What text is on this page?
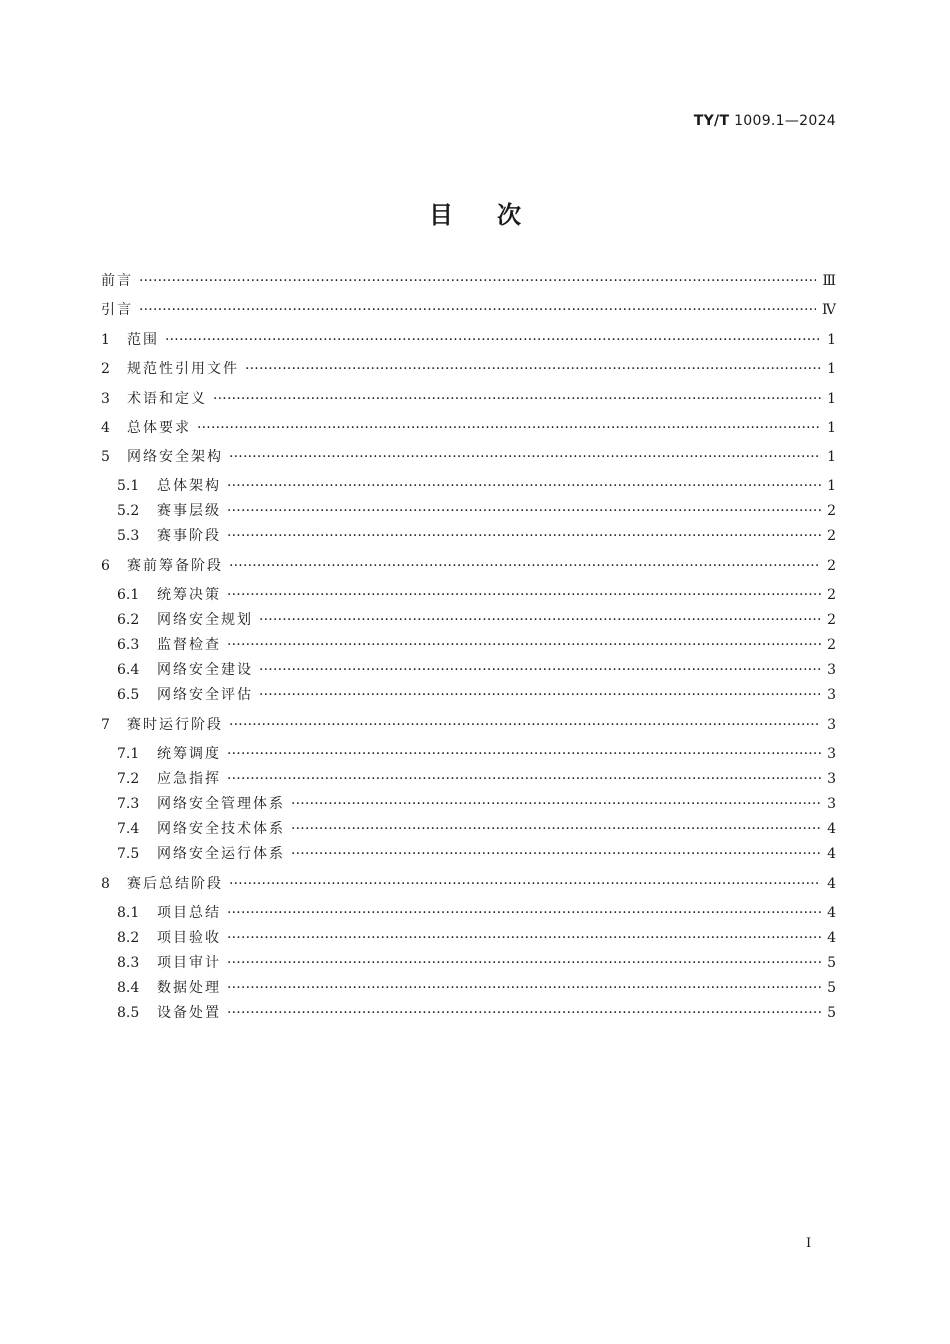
TY/T 1009.1—2024
目次
前言 ·····	Ⅲ
引言 ·····	Ⅳ
1	范围 ·····	1
2	规范性引用文件 ·····	1
3	术语和定义 ·····	1
4	总体要求 ·····	1
5	网络安全架构 ·····	1
5.1	总体架构 ·····	1
5.2	赛事层级 ·····	2
5.3	赛事阶段 ·····	2
6	赛前筹备阶段 ·····	2
6.1	统筹决策 ·····	2
6.2	网络安全规划 ·····	2
6.3	监督检查 ·····	2
6.4	网络安全建设 ·····	3
6.5	网络安全评估 ·····	3
7	赛时运行阶段 ·····	3
7.1	统筹调度 ·····	3
7.2	应急指挥 ·····	3
7.3	网络安全管理体系 ·····	3
7.4	网络安全技术体系 ·····	4
7.5	网络安全运行体系 ·····	4
8	赛后总结阶段 ·····	4
8.1	项目总结 ·····	4
8.2	项目验收 ·····	4
8.3	项目审计 ·····	5
8.4	数据处理 ·····	5
8.5	设备处置 ·····	5
I
